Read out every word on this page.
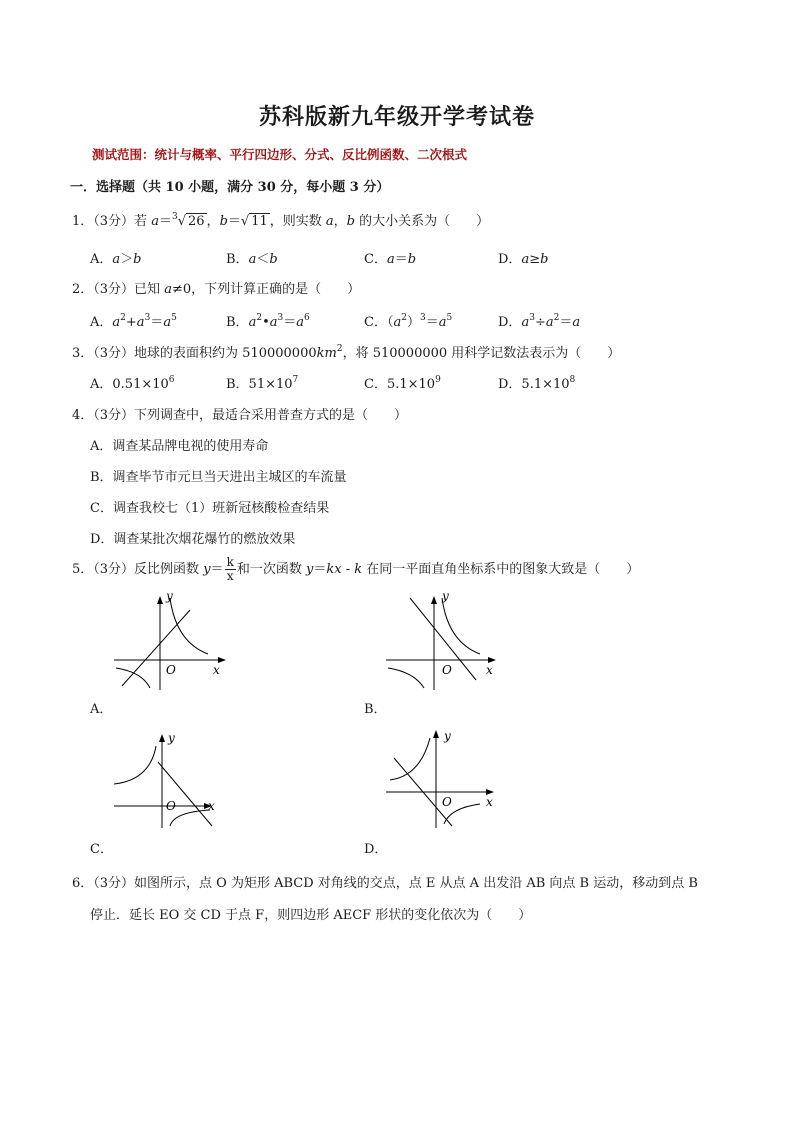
苏科版新九年级开学考试卷
测试范围：统计与概率、平行四边形、分式、反比例函数、二次根式
一．选择题（共 10 小题，满分 30 分，每小题 3 分）
1．（3分）若 a＝$^3$√ 26 ，b＝√ 11 ，则实数 a，b 的大小关系为（　　）
A．a＞b	B．a＜b	C．a＝b	D．a≥b
2．（3分）已知 a≠0，下列计算正确的是（　　）
A．$a^2+a^3=a^5$	B．$a^2•a^3=a^6$	C．$(a^2)^3=a^5$	D．$a^3\div a^2=a$
3．（3分）地球的表面积约为 $510000000km^2$，将 510000000 用科学记数法表示为（　　）
A．$0.51\times 10^6$	B．$51\times 10^7$	C．$5.1\times 10^9$	D．$5.1\times 10^8$
4．（3分）下列调查中，最适合采用普查方式的是（　　）
A．调查某品牌电视的使用寿命
B．调查毕节市元旦当天进出主城区的车流量
C．调查我校七（1）班新冠核酸检查结果
D．调查某批次烟花爆竹的燃放效果
5．（3分）反比例函数 $y= \frac{k}{x}$ 和一次函数 y＝kx - k 在同一平面直角坐标系中的图象大致是（　　）
y
x
O
A．
y
x
O
B．
y
x
O
C．
y
x
O
D．
6．（3分）如图所示，点 O 为矩形 ABCD 对角线的交点，点 E 从点 A 出发沿 AB 向点 B 运动，移动到点 B
停止．延长 EO 交 CD 于点 F，则四边形 AECF 形状的变化依次为（　　）
